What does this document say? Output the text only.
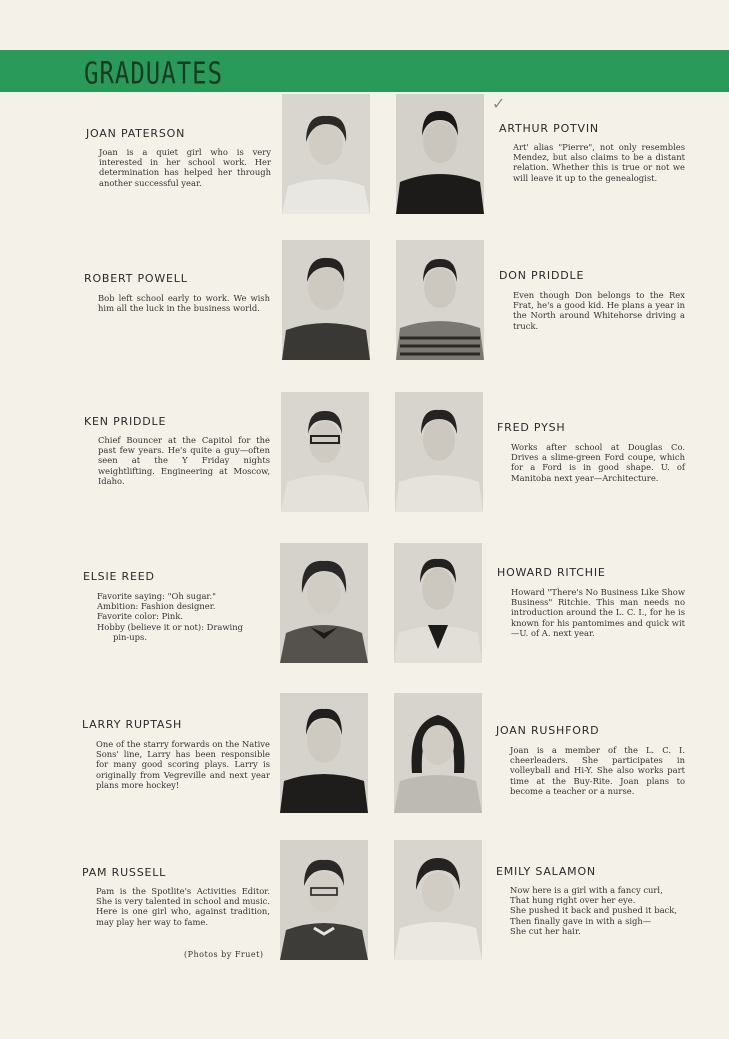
GRADUATES
✓
JOAN PATERSON
Joan is a quiet girl who is very interested in her school work. Her determination has helped her through another successful year.
ARTHUR POTVIN
Art' alias "Pierre", not only resembles Mendez, but also claims to be a distant relation. Whether this is true or not we will leave it up to the genealogist.
ROBERT POWELL
Bob left school early to work. We wish him all the luck in the business world.
DON PRIDDLE
Even though Don belongs to the Rex Frat, he's a good kid. He plans a year in the North around Whitehorse driving a truck.
KEN PRIDDLE
Chief Bouncer at the Capitol for the past few years. He's quite a guy—often seen at the Y Friday nights weightlifting. Engineering at Moscow, Idaho.
FRED PYSH
Works after school at Douglas Co. Drives a slime-green Ford coupe, which for a Ford is in good shape. U. of Manitoba next year—Architecture.
ELSIE REED
Favorite saying: "Oh sugar."
Ambition: Fashion designer.
Favorite color: Pink.
Hobby (believe it or not): Drawing
pin-ups.
HOWARD RITCHIE
Howard "There's No Business Like Show Business" Ritchie. This man needs no introduction around the L. C. I., for he is known for his pantomimes and quick wit—U. of A. next year.
LARRY RUPTASH
One of the starry forwards on the Native Sons' line, Larry has been responsible for many good scoring plays. Larry is originally from Vegreville and next year plans more hockey!
JOAN RUSHFORD
Joan is a member of the L. C. I. cheerleaders. She participates in volleyball and Hi-Y. She also works part time at the Buy-Rite. Joan plans to become a teacher or a nurse.
PAM RUSSELL
Pam is the Spotlite's Activities Editor. She is very talented in school and music. Here is one girl who, against tradition, may play her way to fame.
EMILY SALAMON
Now here is a girl with a fancy curl,
That hung right over her eye.
She pushed it back and pushed it back,
Then finally gave in with a sigh—
She cut her hair.
(Photos by Fruet)
